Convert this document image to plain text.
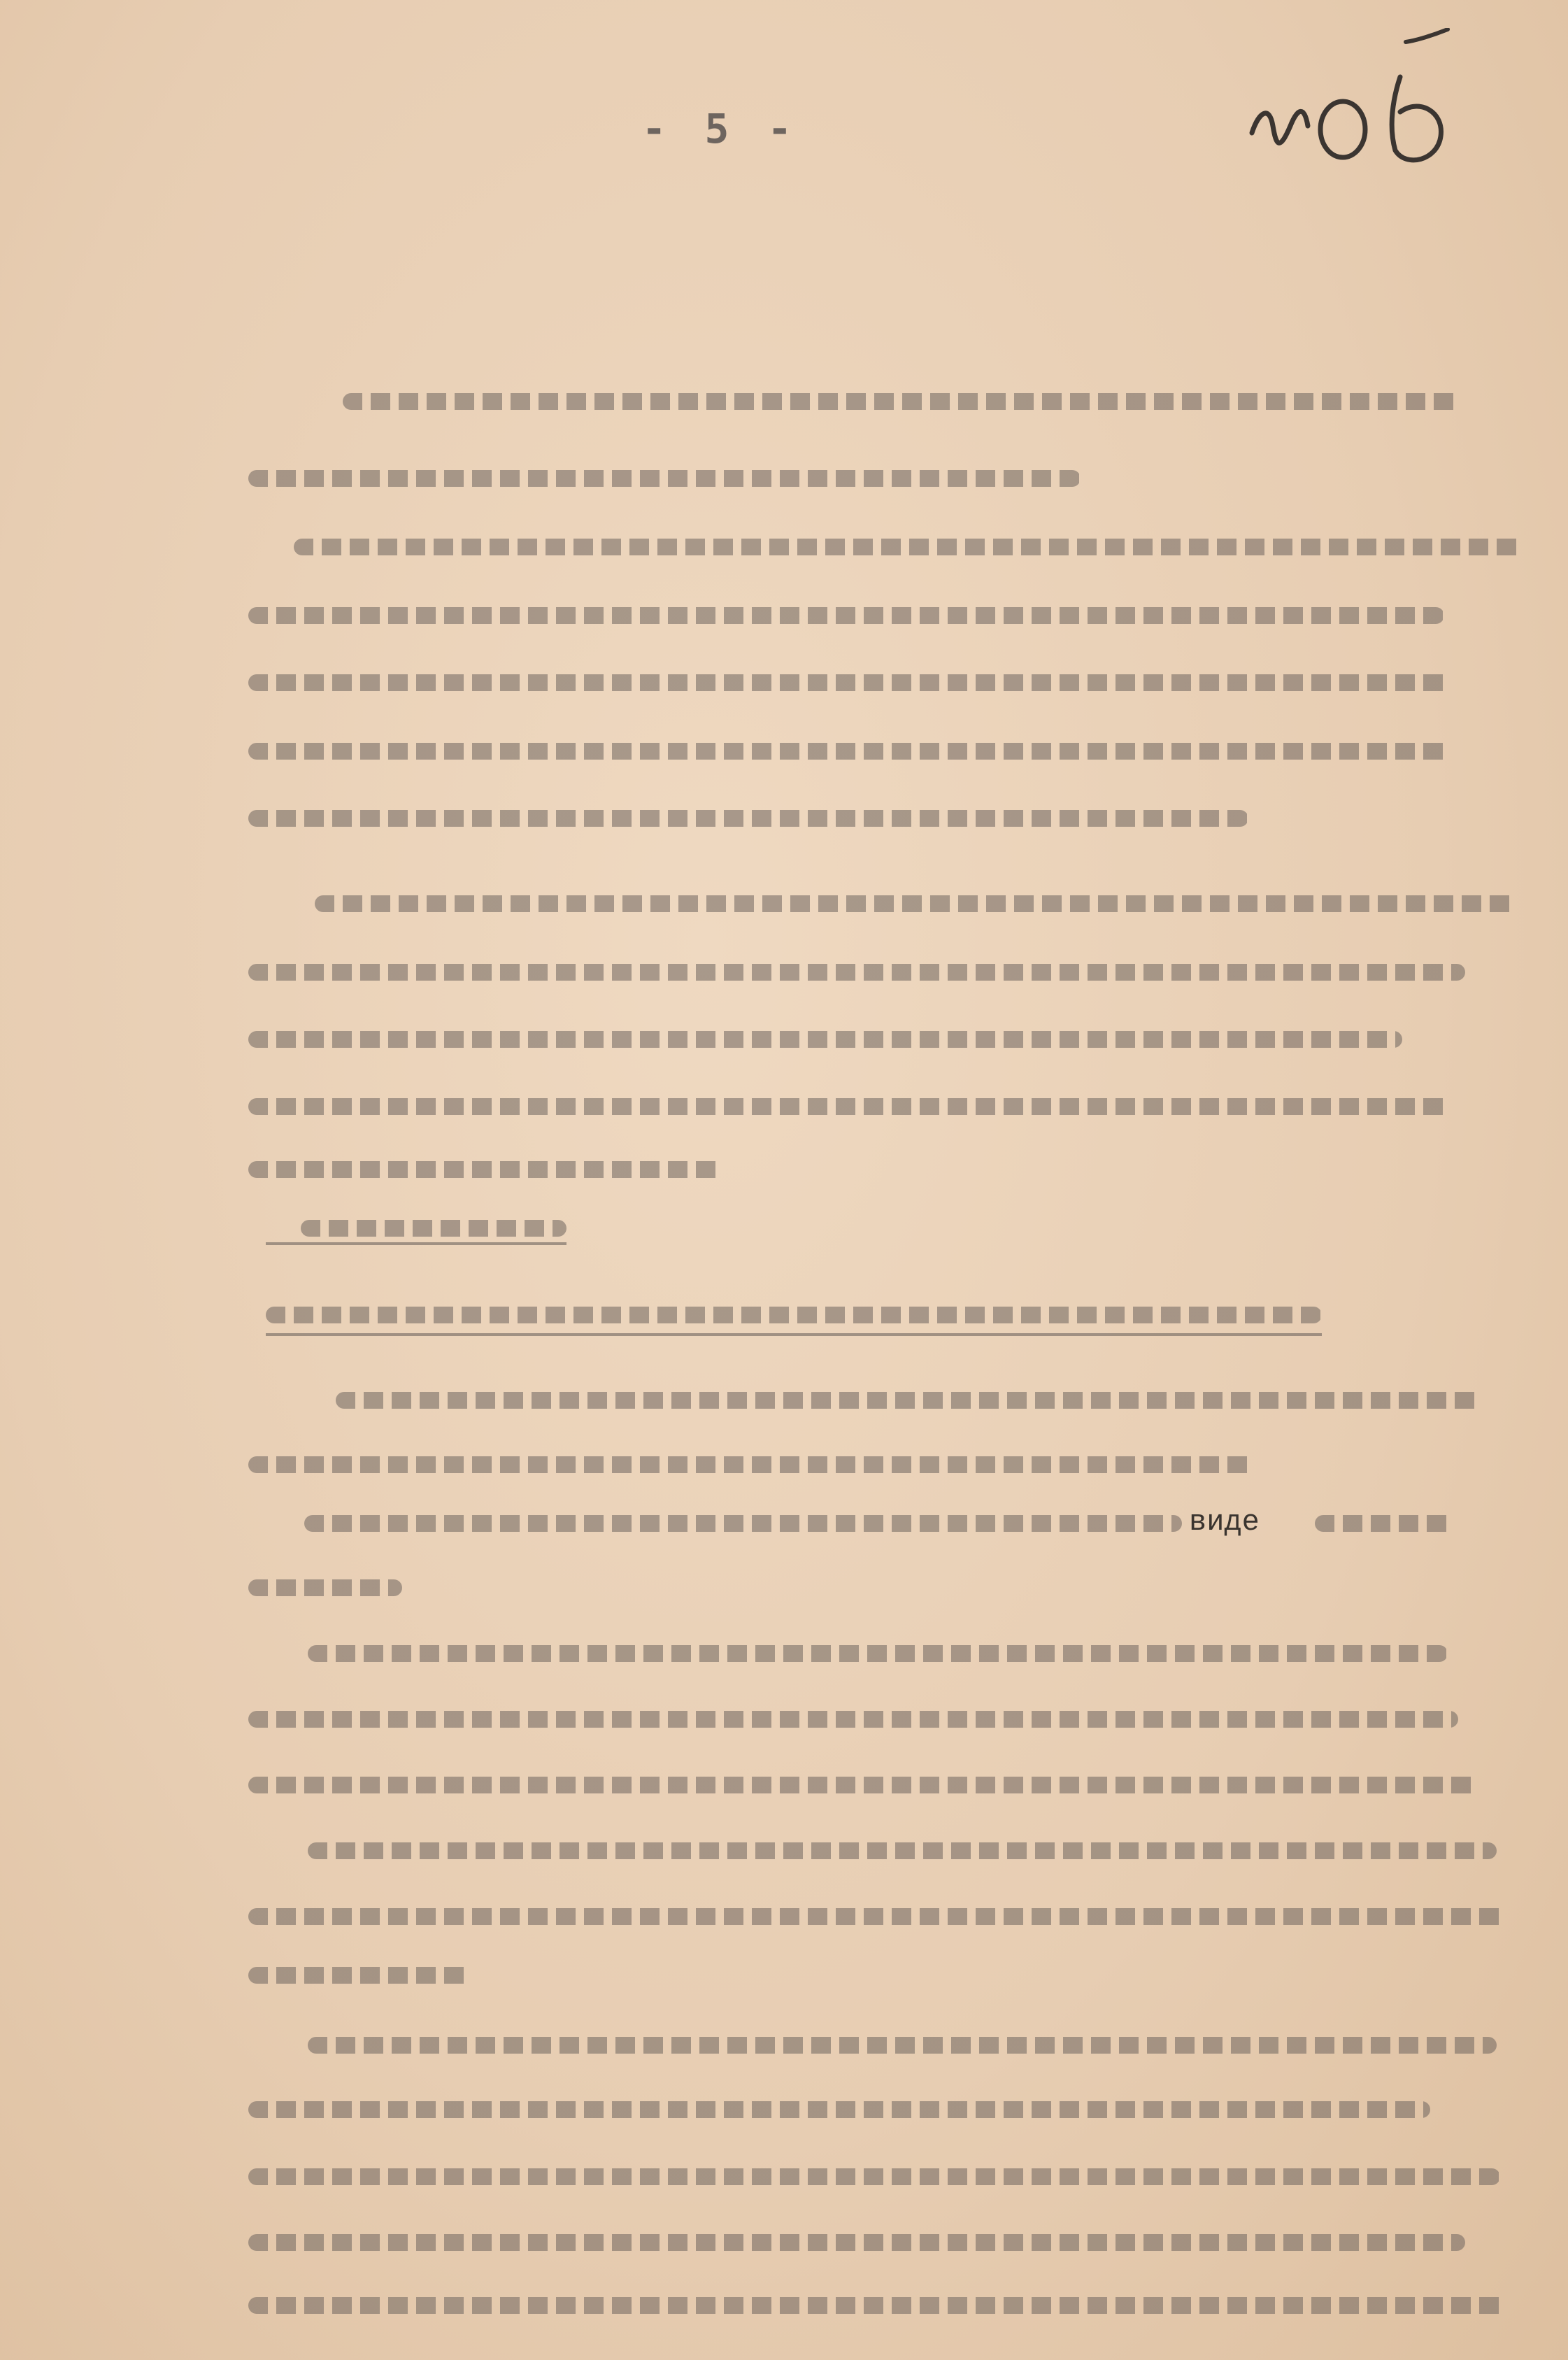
- 5 -
виде
